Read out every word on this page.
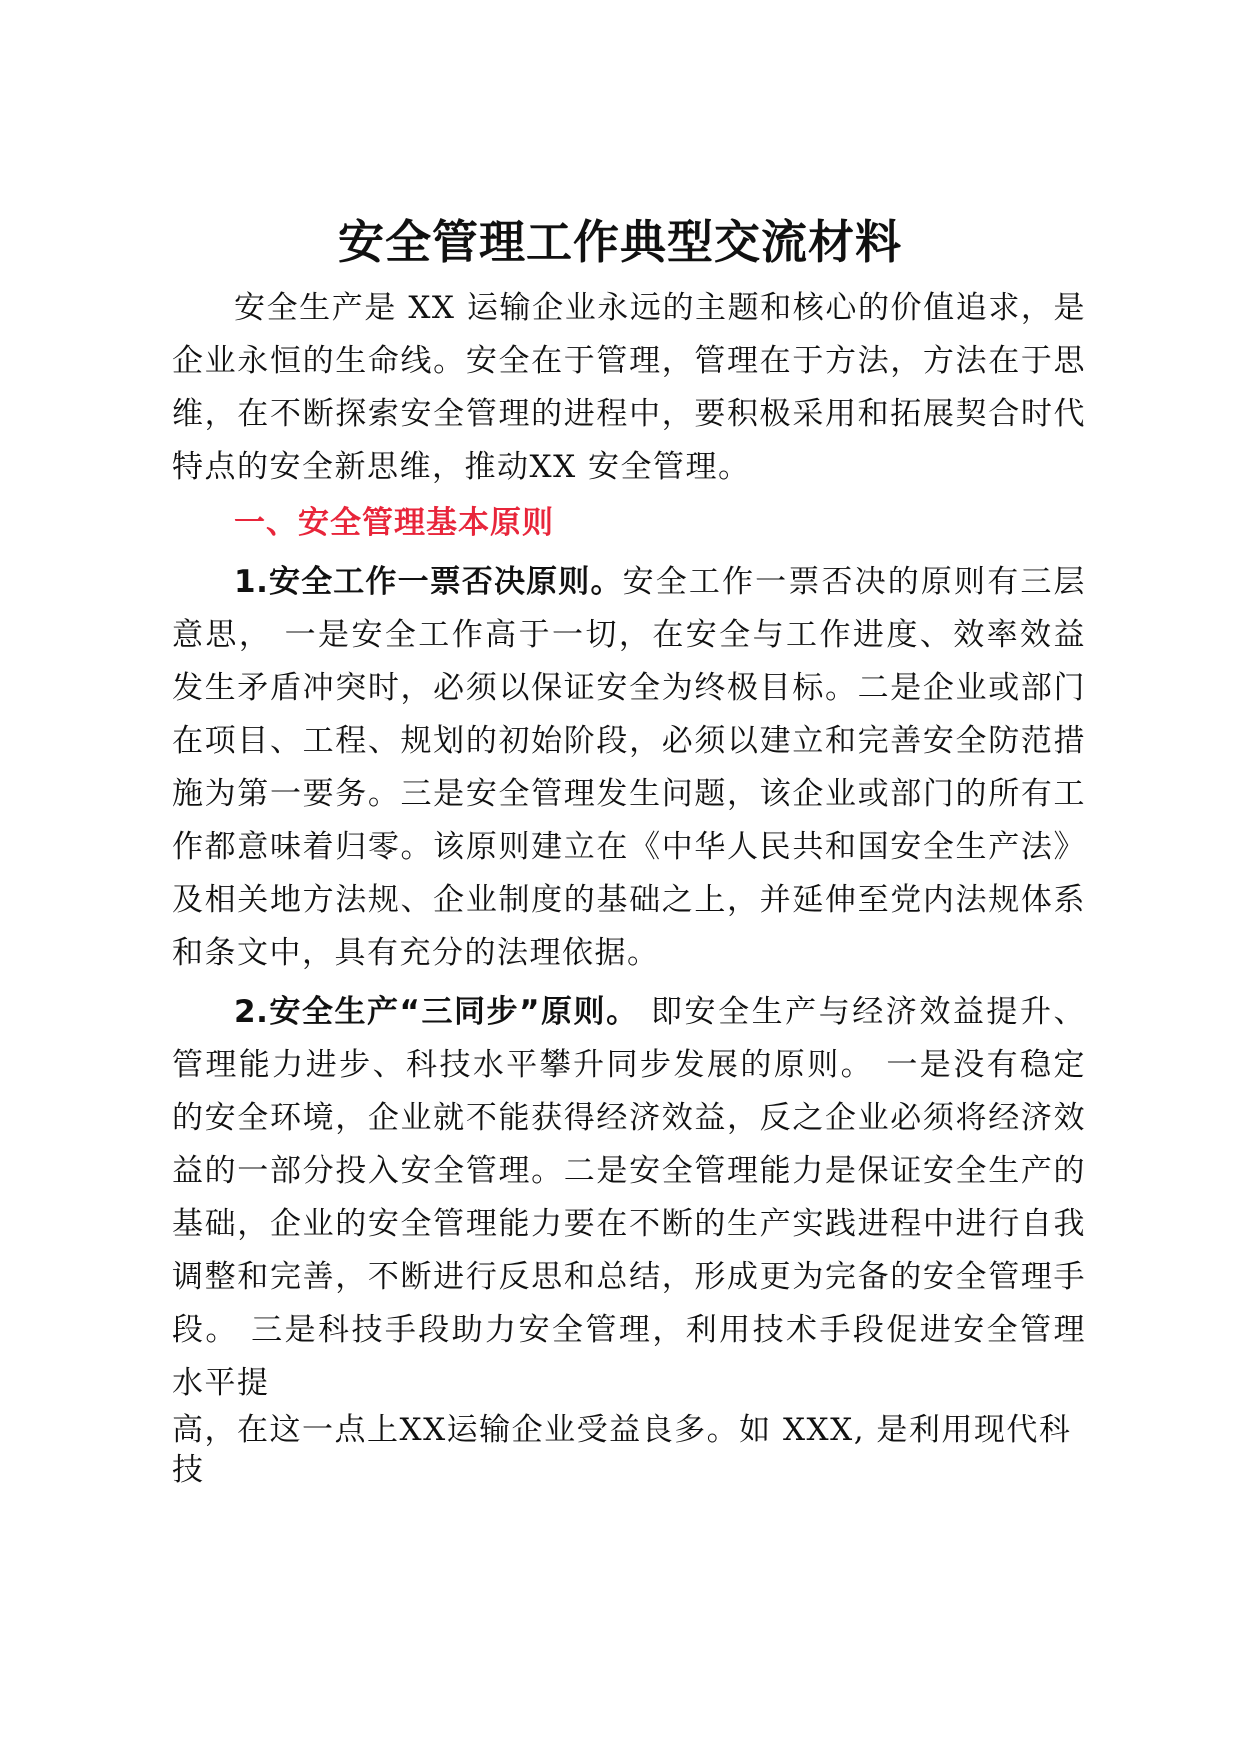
安全管理工作典型交流材料

安全生产是 XX 运输企业永远的主题和核心的价值追求，是企业永恒的生命线。安全在于管理，管理在于方法，方法在于思维，在不断探索安全管理的进程中，要积极采用和拓展契合时代特点的安全新思维，推动XX 安全管理。

一、安全管理基本原则

1.安全工作一票否决原则。安全工作一票否决的原则有三层意思， 一是安全工作高于一切，在安全与工作进度、效率效益发生矛盾冲突时，必须以保证安全为终极目标。二是企业或部门在项目、工程、规划的初始阶段，必须以建立和完善安全防范措施为第一要务。三是安全管理发生问题，该企业或部门的所有工作都意味着归零。该原则建立在《中华人民共和国安全生产法》及相关地方法规、企业制度的基础之上，并延伸至党内法规体系和条文中，具有充分的法理依据。

2.安全生产“三同步”原则。 即安全生产与经济效益提升、管理能力进步、科技水平攀升同步发展的原则。 一是没有稳定的安全环境，企业就不能获得经济效益，反之企业必须将经济效益的一部分投入安全管理。二是安全管理能力是保证安全生产的基础，企业的安全管理能力要在不断的生产实践进程中进行自我调整和完善，不断进行反思和总结，形成更为完备的安全管理手段。 三是科技手段助力安全管理，利用技术手段促进安全管理水平提

高，在这一点上XX运输企业受益良多。如 XXX, 是利用现代科

技
